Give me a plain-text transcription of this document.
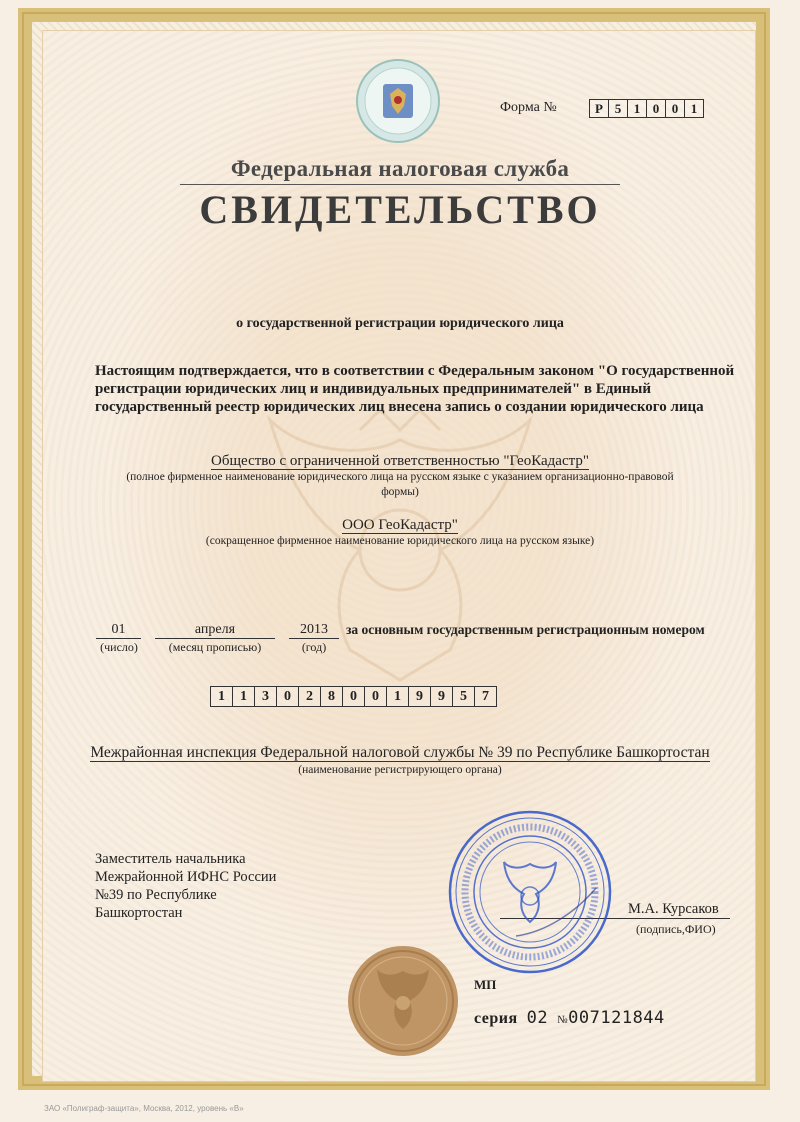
Форма №	Р 5 1 0 0 1
Федеральная налоговая служба
СВИДЕТЕЛЬСТВО
о государственной регистрации юридического лица
Настоящим подтверждается, что в соответствии с Федеральным законом "О государственной регистрации юридических лиц и индивидуальных предпринимателей" в Единый государственный реестр юридических лиц внесена запись о создании юридического лица
Общество с ограниченной ответственностью "ГеоКадастр"
(полное фирменное наименование юридического лица на русском языке с указанием организационно-правовой
формы)
ООО ГеоКадастр"
(сокращенное фирменное наименование юридического лица на русском языке)
01
(число)
апреля
(месяц прописью)
2013
(год)
за основным государственным регистрационным номером
1	1	3	0	2	8	0	0	1	9	9	5	7
Межрайонная инспекция Федеральной налоговой службы № 39 по Республике Башкортостан
(наименование регистрирующего органа)
Заместитель начальника
Межрайонной ИФНС России
№39 по Республике
Башкортостан	М.А. Курсаков
(подпись,ФИО)
МП
серия 02 №007121844
ЗАО «Полиграф-защита», Москва, 2012, уровень «В»
